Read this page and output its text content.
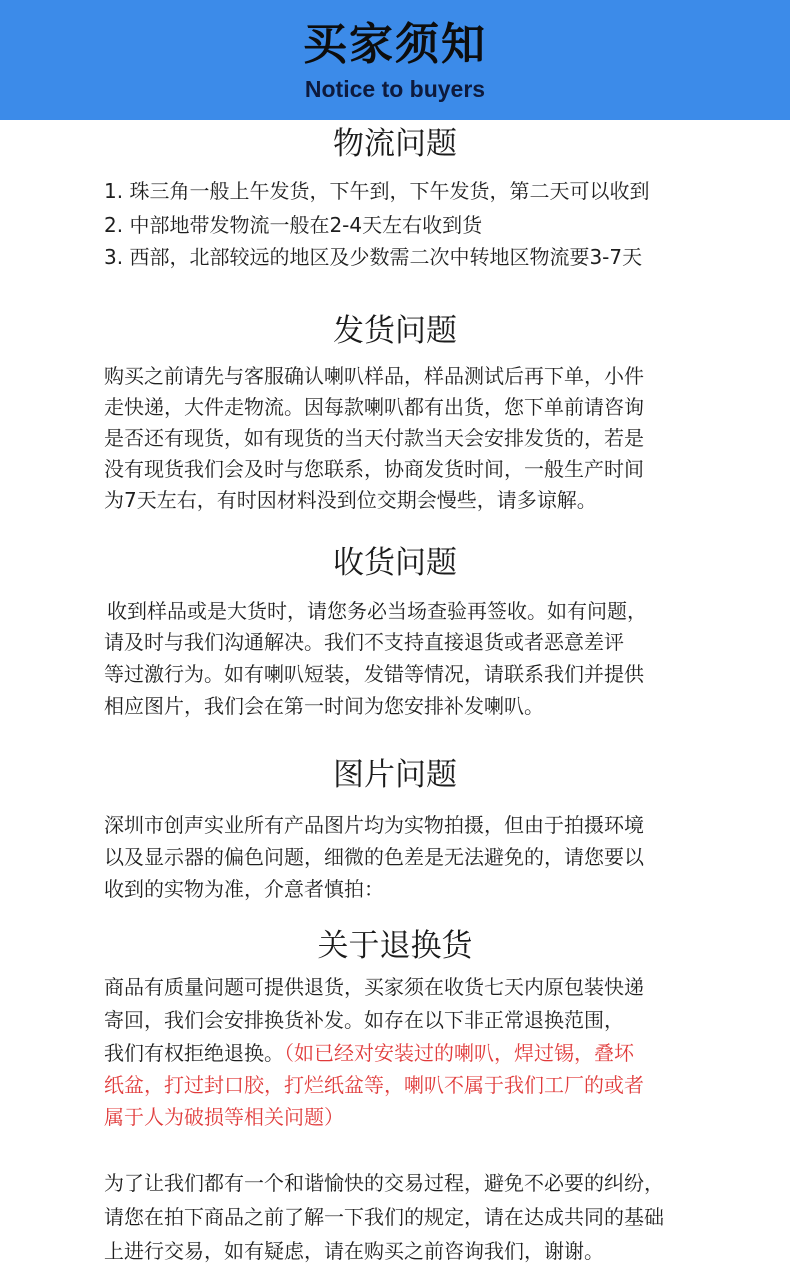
买家须知
Notice to buyers
物流问题
1. 珠三角一般上午发货，下午到，下午发货，第二天可以收到
2. 中部地带发物流一般在2-4天左右收到货
3. 西部，北部较远的地区及少数需二次中转地区物流要3-7天
发货问题
购买之前请先与客服确认喇叭样品，样品测试后再下单，小件
走快递，大件走物流。因每款喇叭都有出货，您下单前请咨询
是否还有现货，如有现货的当天付款当天会安排发货的，若是
没有现货我们会及时与您联系，协商发货时间，一般生产时间
为7天左右，有时因材料没到位交期会慢些，请多谅解。
收货问题
收到样品或是大货时，请您务必当场查验再签收。如有问题，
请及时与我们沟通解决。我们不支持直接退货或者恶意差评
等过激行为。如有喇叭短装，发错等情况，请联系我们并提供
相应图片，我们会在第一时间为您安排补发喇叭。
图片问题
深圳市创声实业所有产品图片均为实物拍摄，但由于拍摄环境
以及显示器的偏色问题，细微的色差是无法避免的，请您要以
收到的实物为准，介意者慎拍：
关于退换货
商品有质量问题可提供退货，买家须在收货七天内原包装快递
寄回，我们会安排换货补发。如存在以下非正常退换范围，
我们有权拒绝退换。（如已经对安装过的喇叭，焊过锡，叠坏
纸盆，打过封口胶，打烂纸盆等，喇叭不属于我们工厂的或者
属于人为破损等相关问题）
为了让我们都有一个和谐愉快的交易过程，避免不必要的纠纷，
请您在拍下商品之前了解一下我们的规定，请在达成共同的基础
上进行交易，如有疑虑，请在购买之前咨询我们，谢谢。
